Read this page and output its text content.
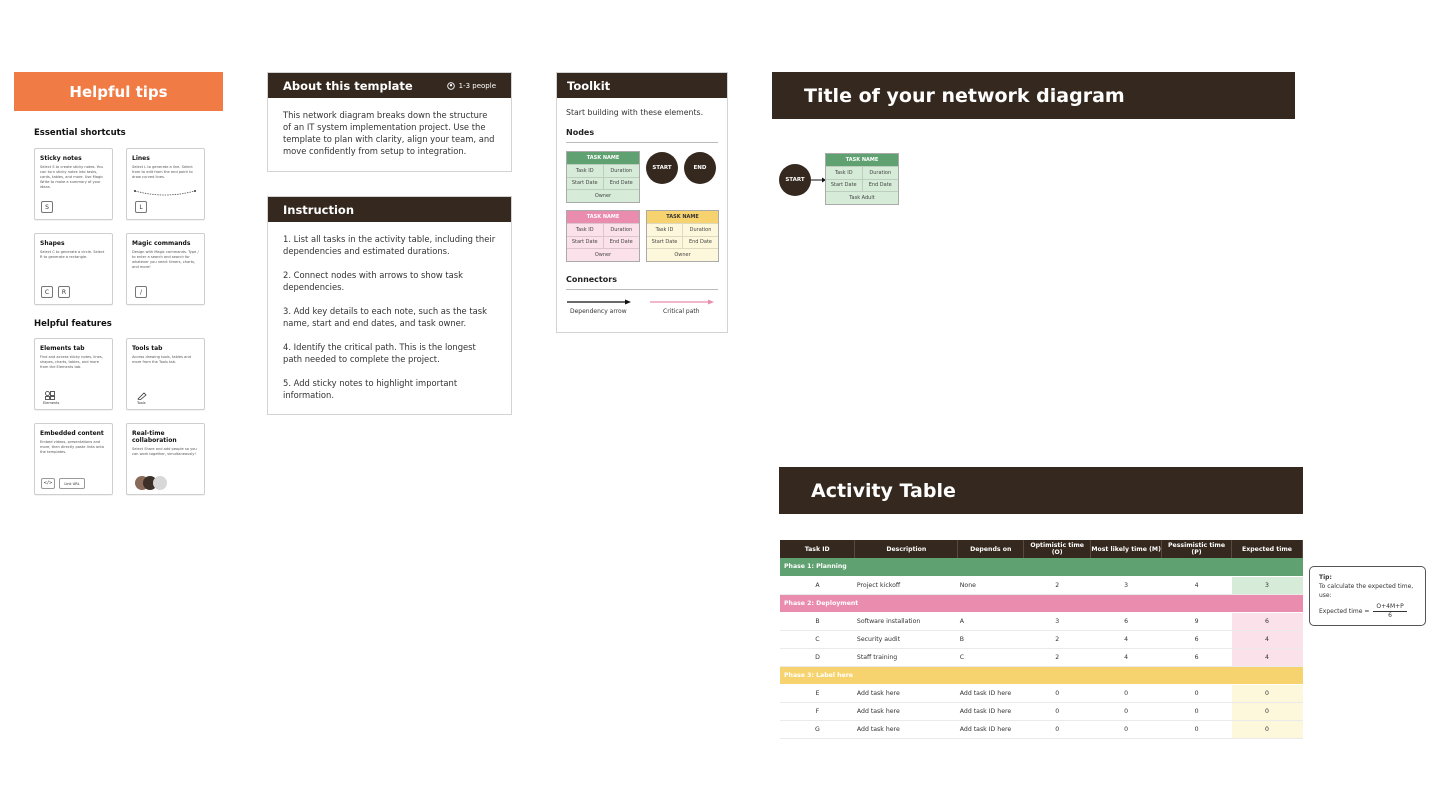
Helpful tips
Essential shortcuts
Sticky notes
Select S to create sticky notes. You can turn sticky notes into tasks, cards, tables, and more. Use Magic Write to make a summary of your ideas.
S
Lines
Select L to generate a line. Select from to edit from the end point to draw curved lines.
L
Shapes
Select C to generate a circle. Select R to generate a rectangle.
C	R
Magic commands
Design with Magic commands. Type / to enter a search and search for whatever you need: timers, charts, and more!
/
Helpful features
Elements tab
Find and access sticky notes, lines, shapes, charts, tables, and more from the Elements tab.
Elements
Tools tab
Access drawing tools, tables and more from the Tools tab.
Tools
Embedded content
Embed videos, presentations and more, then directly paste links onto the templates.
</>	Link URL
Real-time collaboration
Select Share and add people so you can work together, simultaneously!
About this template	1-3 people
This network diagram breaks down the structure of an IT system implementation project. Use the template to plan with clarity, align your team, and move confidently from setup to integration.
Instruction

1. List all tasks in the activity table, including their dependencies and estimated durations.

2. Connect nodes with arrows to show task dependencies.

3. Add key details to each note, such as the task name, start and end dates, and task owner.

4. Identify the critical path. This is the longest path needed to complete the project.

5. Add sticky notes to highlight important information.

Toolkit
Start building with these elements.
Nodes
TASK NAME
Task ID	Duration
Start Date	End Date
Owner
START	END
TASK NAME
Task ID	Duration
Start Date	End Date
Owner
TASK NAME
Task ID	Duration
Start Date	End Date
Owner
Connectors
Dependency arrow	Critical path
Title of your network diagram
START
TASK NAME
Task ID	Duration
Start Date	End Date
Task Adult
Activity Table
Task ID	Description	Depends on	Optimistic time (O)	Most likely time (M)	Pessimistic time (P)	Expected time
Phase 1: Planning						
A	Project kickoff	None	2	3	4	3
Phase 2: Deployment						
B	Software installation	A	3	6	9	6
C	Security audit	B	2	4	6	4
D	Staff training	C	2	4	6	4
Phase 3: Label here						
E	Add task here	Add task ID here	0	0	0	0
F	Add task here	Add task ID here	0	0	0	0
G	Add task here	Add task ID here	0	0	0	0
Tip:
To calculate the expected time, use:
Expected time = $\frac{O+4M+P}{6}$
